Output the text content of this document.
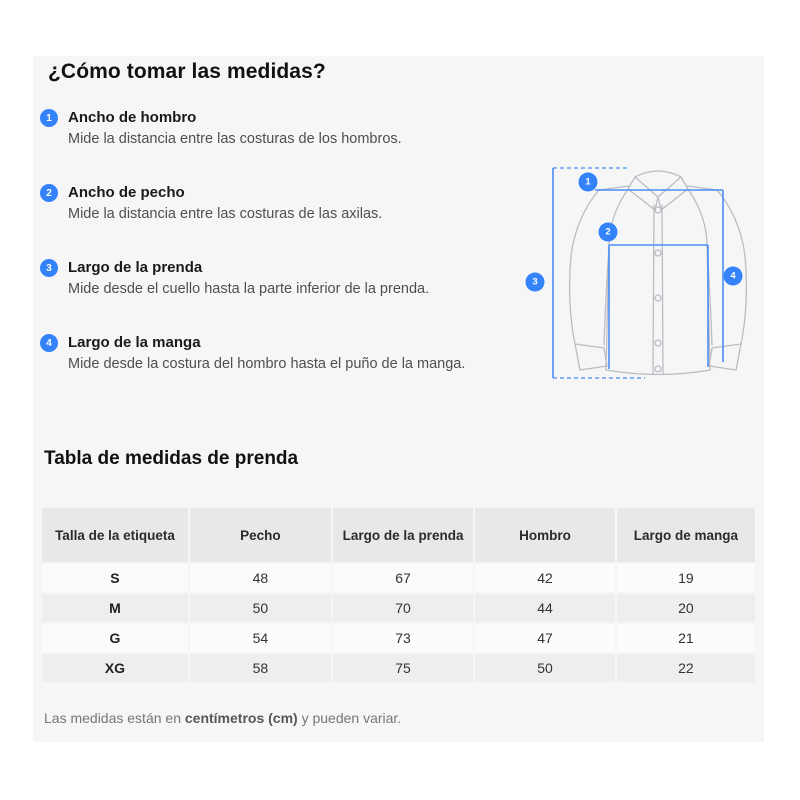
¿Cómo tomar las medidas?
1	Ancho de hombro
Mide la distancia entre las costuras de los hombros.
2	Ancho de pecho
Mide la distancia entre las costuras de las axilas.
3	Largo de la prenda
Mide desde el cuello hasta la parte inferior de la prenda.
4	Largo de la manga
Mide desde la costura del hombro hasta el puño de la manga.
1
2
3
4
Tabla de medidas de prenda
Talla de la etiqueta	Pecho	Largo de la prenda	Hombro	Largo de manga
S	48	67	42	19
M	50	70	44	20
G	54	73	47	21
XG	58	75	50	22
Las medidas están en centímetros (cm) y pueden variar.
